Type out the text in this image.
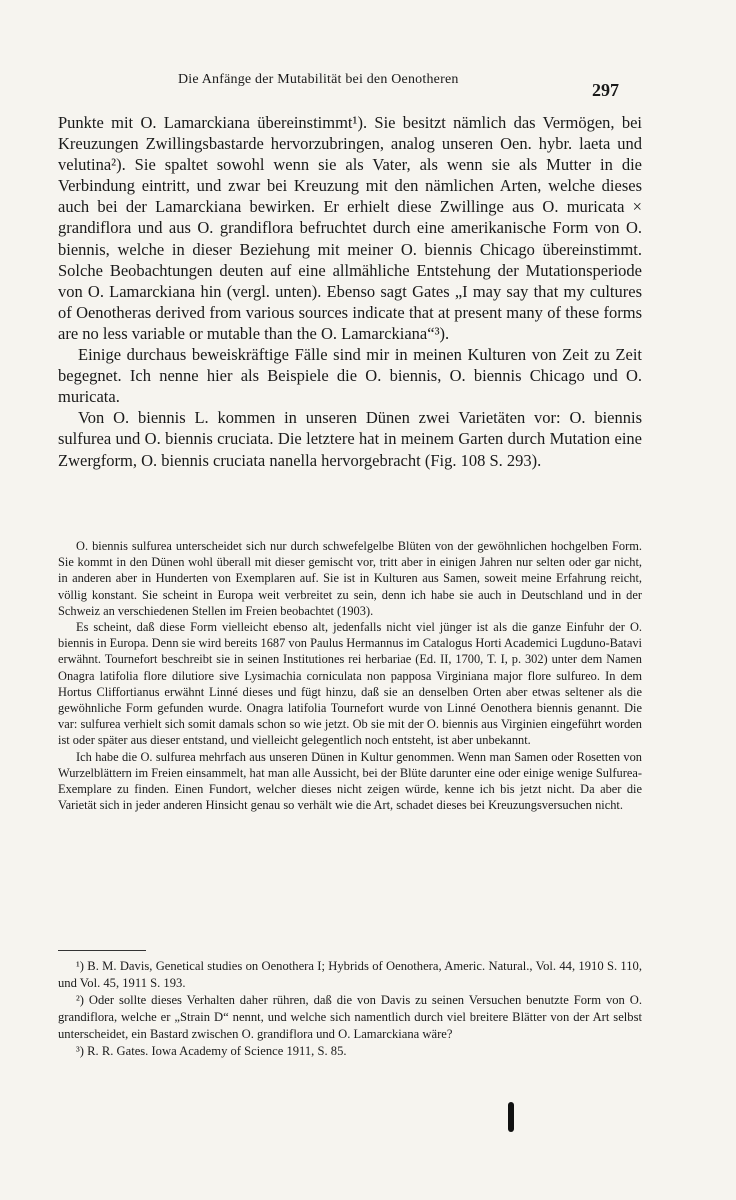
Die Anfänge der Mutabilität bei den Oenotheren
297

Punkte mit O. Lamarckiana übereinstimmt¹). Sie besitzt nämlich das Vermögen, bei Kreuzungen Zwillingsbastarde hervorzubringen, analog unseren Oen. hybr. laeta und velutina²). Sie spaltet sowohl wenn sie als Vater, als wenn sie als Mutter in die Verbindung eintritt, und zwar bei Kreuzung mit den nämlichen Arten, welche dieses auch bei der Lamarckiana bewirken. Er erhielt diese Zwillinge aus O. muricata × grandiflora und aus O. grandiflora befruchtet durch eine amerikanische Form von O. biennis, welche in dieser Beziehung mit meiner O. biennis Chicago übereinstimmt. Solche Beobachtungen deuten auf eine allmähliche Entstehung der Mutationsperiode von O. Lamarckiana hin (vergl. unten). Ebenso sagt Gates „I may say that my cultures of Oenotheras derived from various sources indicate that at present many of these forms are no less variable or mutable than the O. Lamarckiana“³).

Einige durchaus beweiskräftige Fälle sind mir in meinen Kulturen von Zeit zu Zeit begegnet. Ich nenne hier als Beispiele die O. biennis, O. biennis Chicago und O. muricata.

Von O. biennis L. kommen in unseren Dünen zwei Varietäten vor: O. biennis sulfurea und O. biennis cruciata. Die letztere hat in meinem Garten durch Mutation eine Zwergform, O. biennis cruciata nanella hervorgebracht (Fig. 108 S. 293).

O. biennis sulfurea unterscheidet sich nur durch schwefelgelbe Blüten von der gewöhnlichen hochgelben Form. Sie kommt in den Dünen wohl überall mit dieser gemischt vor, tritt aber in einigen Jahren nur selten oder gar nicht, in anderen aber in Hunderten von Exemplaren auf. Sie ist in Kulturen aus Samen, soweit meine Erfahrung reicht, völlig konstant. Sie scheint in Europa weit verbreitet zu sein, denn ich habe sie auch in Deutschland und in der Schweiz an verschiedenen Stellen im Freien beobachtet (1903).

Es scheint, daß diese Form vielleicht ebenso alt, jedenfalls nicht viel jünger ist als die ganze Einfuhr der O. biennis in Europa. Denn sie wird bereits 1687 von Paulus Hermannus im Catalogus Horti Academici Lugduno-Batavi erwähnt. Tournefort beschreibt sie in seinen Institutiones rei herbariae (Ed. II, 1700, T. I, p. 302) unter dem Namen Onagra latifolia flore dilutiore sive Lysimachia corniculata non papposa Virginiana major flore sulfureo. In dem Hortus Cliffortianus erwähnt Linné dieses und fügt hinzu, daß sie an denselben Orten aber etwas seltener als die gewöhnliche Form gefunden wurde. Onagra latifolia Tournefort wurde von Linné Oenothera biennis genannt. Die var: sulfurea verhielt sich somit damals schon so wie jetzt. Ob sie mit der O. biennis aus Virginien eingeführt worden ist oder später aus dieser entstand, und vielleicht gelegentlich noch entsteht, ist aber unbekannt.

Ich habe die O. sulfurea mehrfach aus unseren Dünen in Kultur genommen. Wenn man Samen oder Rosetten von Wurzelblättern im Freien einsammelt, hat man alle Aussicht, bei der Blüte darunter eine oder einige wenige Sulfurea-Exemplare zu finden. Einen Fundort, welcher dieses nicht zeigen würde, kenne ich bis jetzt nicht. Da aber die Varietät sich in jeder anderen Hinsicht genau so verhält wie die Art, schadet dieses bei Kreuzungsversuchen nicht.

¹) B. M. Davis, Genetical studies on Oenothera I; Hybrids of Oenothera, Americ. Natural., Vol. 44, 1910 S. 110, und Vol. 45, 1911 S. 193.

²) Oder sollte dieses Verhalten daher rühren, daß die von Davis zu seinen Versuchen benutzte Form von O. grandiflora, welche er „Strain D“ nennt, und welche sich namentlich durch viel breitere Blätter von der Art selbst unterscheidet, ein Bastard zwischen O. grandiflora und O. Lamarckiana wäre?

³) R. R. Gates. Iowa Academy of Science 1911, S. 85.
